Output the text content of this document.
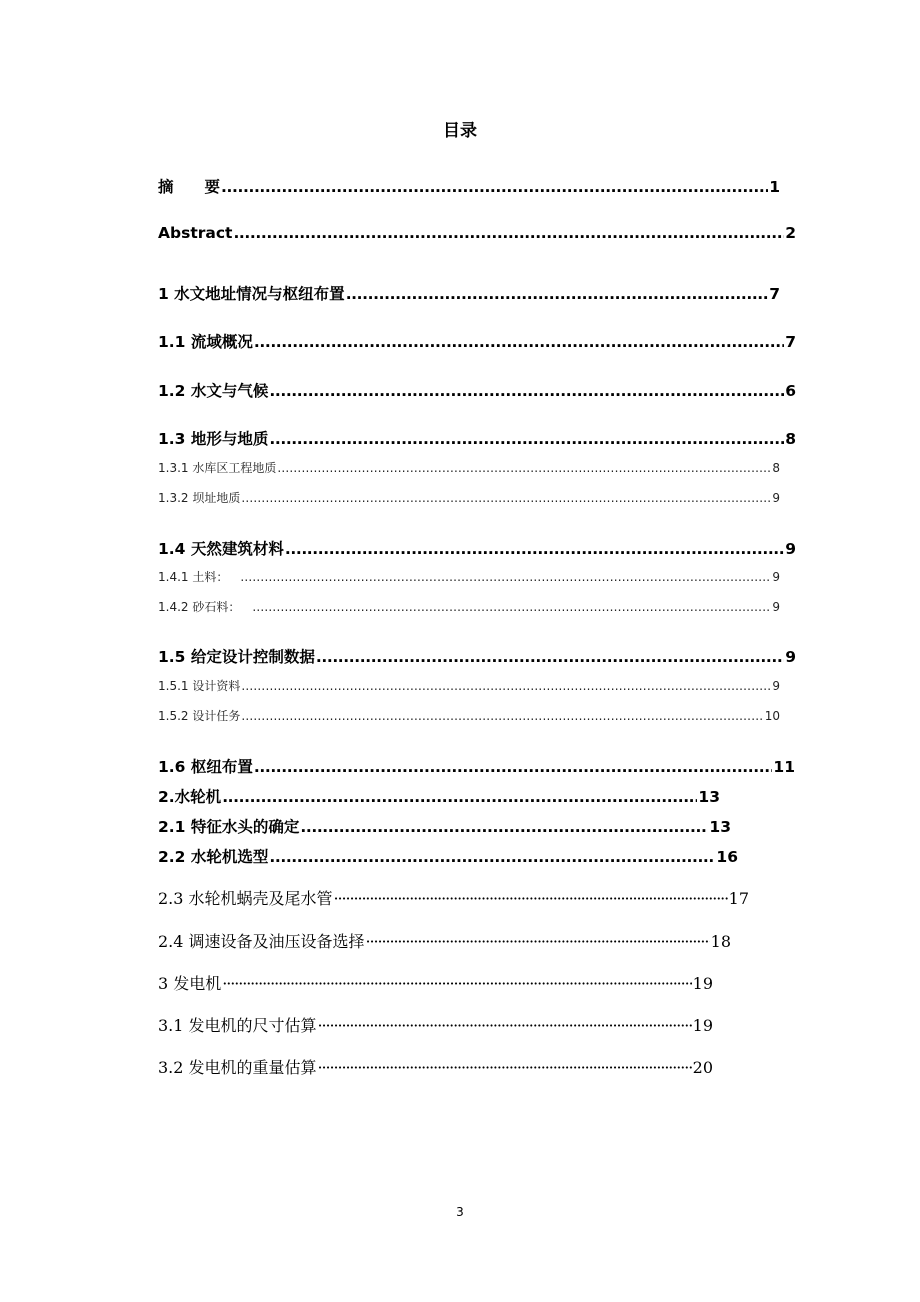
目录
摘　　要 .....	1
Abstract .....	2
1 水文地址情况与枢纽布置 .....	7
1.1 流域概况 .....	7
1.2 水文与气候 .....	6
1.3 地形与地质 .....	8
1.3.1 水库区工程地质 .....	8
1.3.2 坝址地质 .....	9
1.4 天然建筑材料 .....	9
1.4.1 土料： .....	9
1.4.2 砂石料： .....	9
1.5 给定设计控制数据 .....	9
1.5.1 设计资料 .....	9
1.5.2 设计任务 .....	10
1.6 枢纽布置 .....	11
2.水轮机 .....	13
2.1 特征水头的确定 .....	13
2.2 水轮机选型 .....	16
2.3 水轮机蜗壳及尾水管 ·····	17
2.4 调速设备及油压设备选择 ·····	18
3 发电机 ·····	19
3.1 发电机的尺寸估算 ·····	19
3.2 发电机的重量估算 ·····	20
3
